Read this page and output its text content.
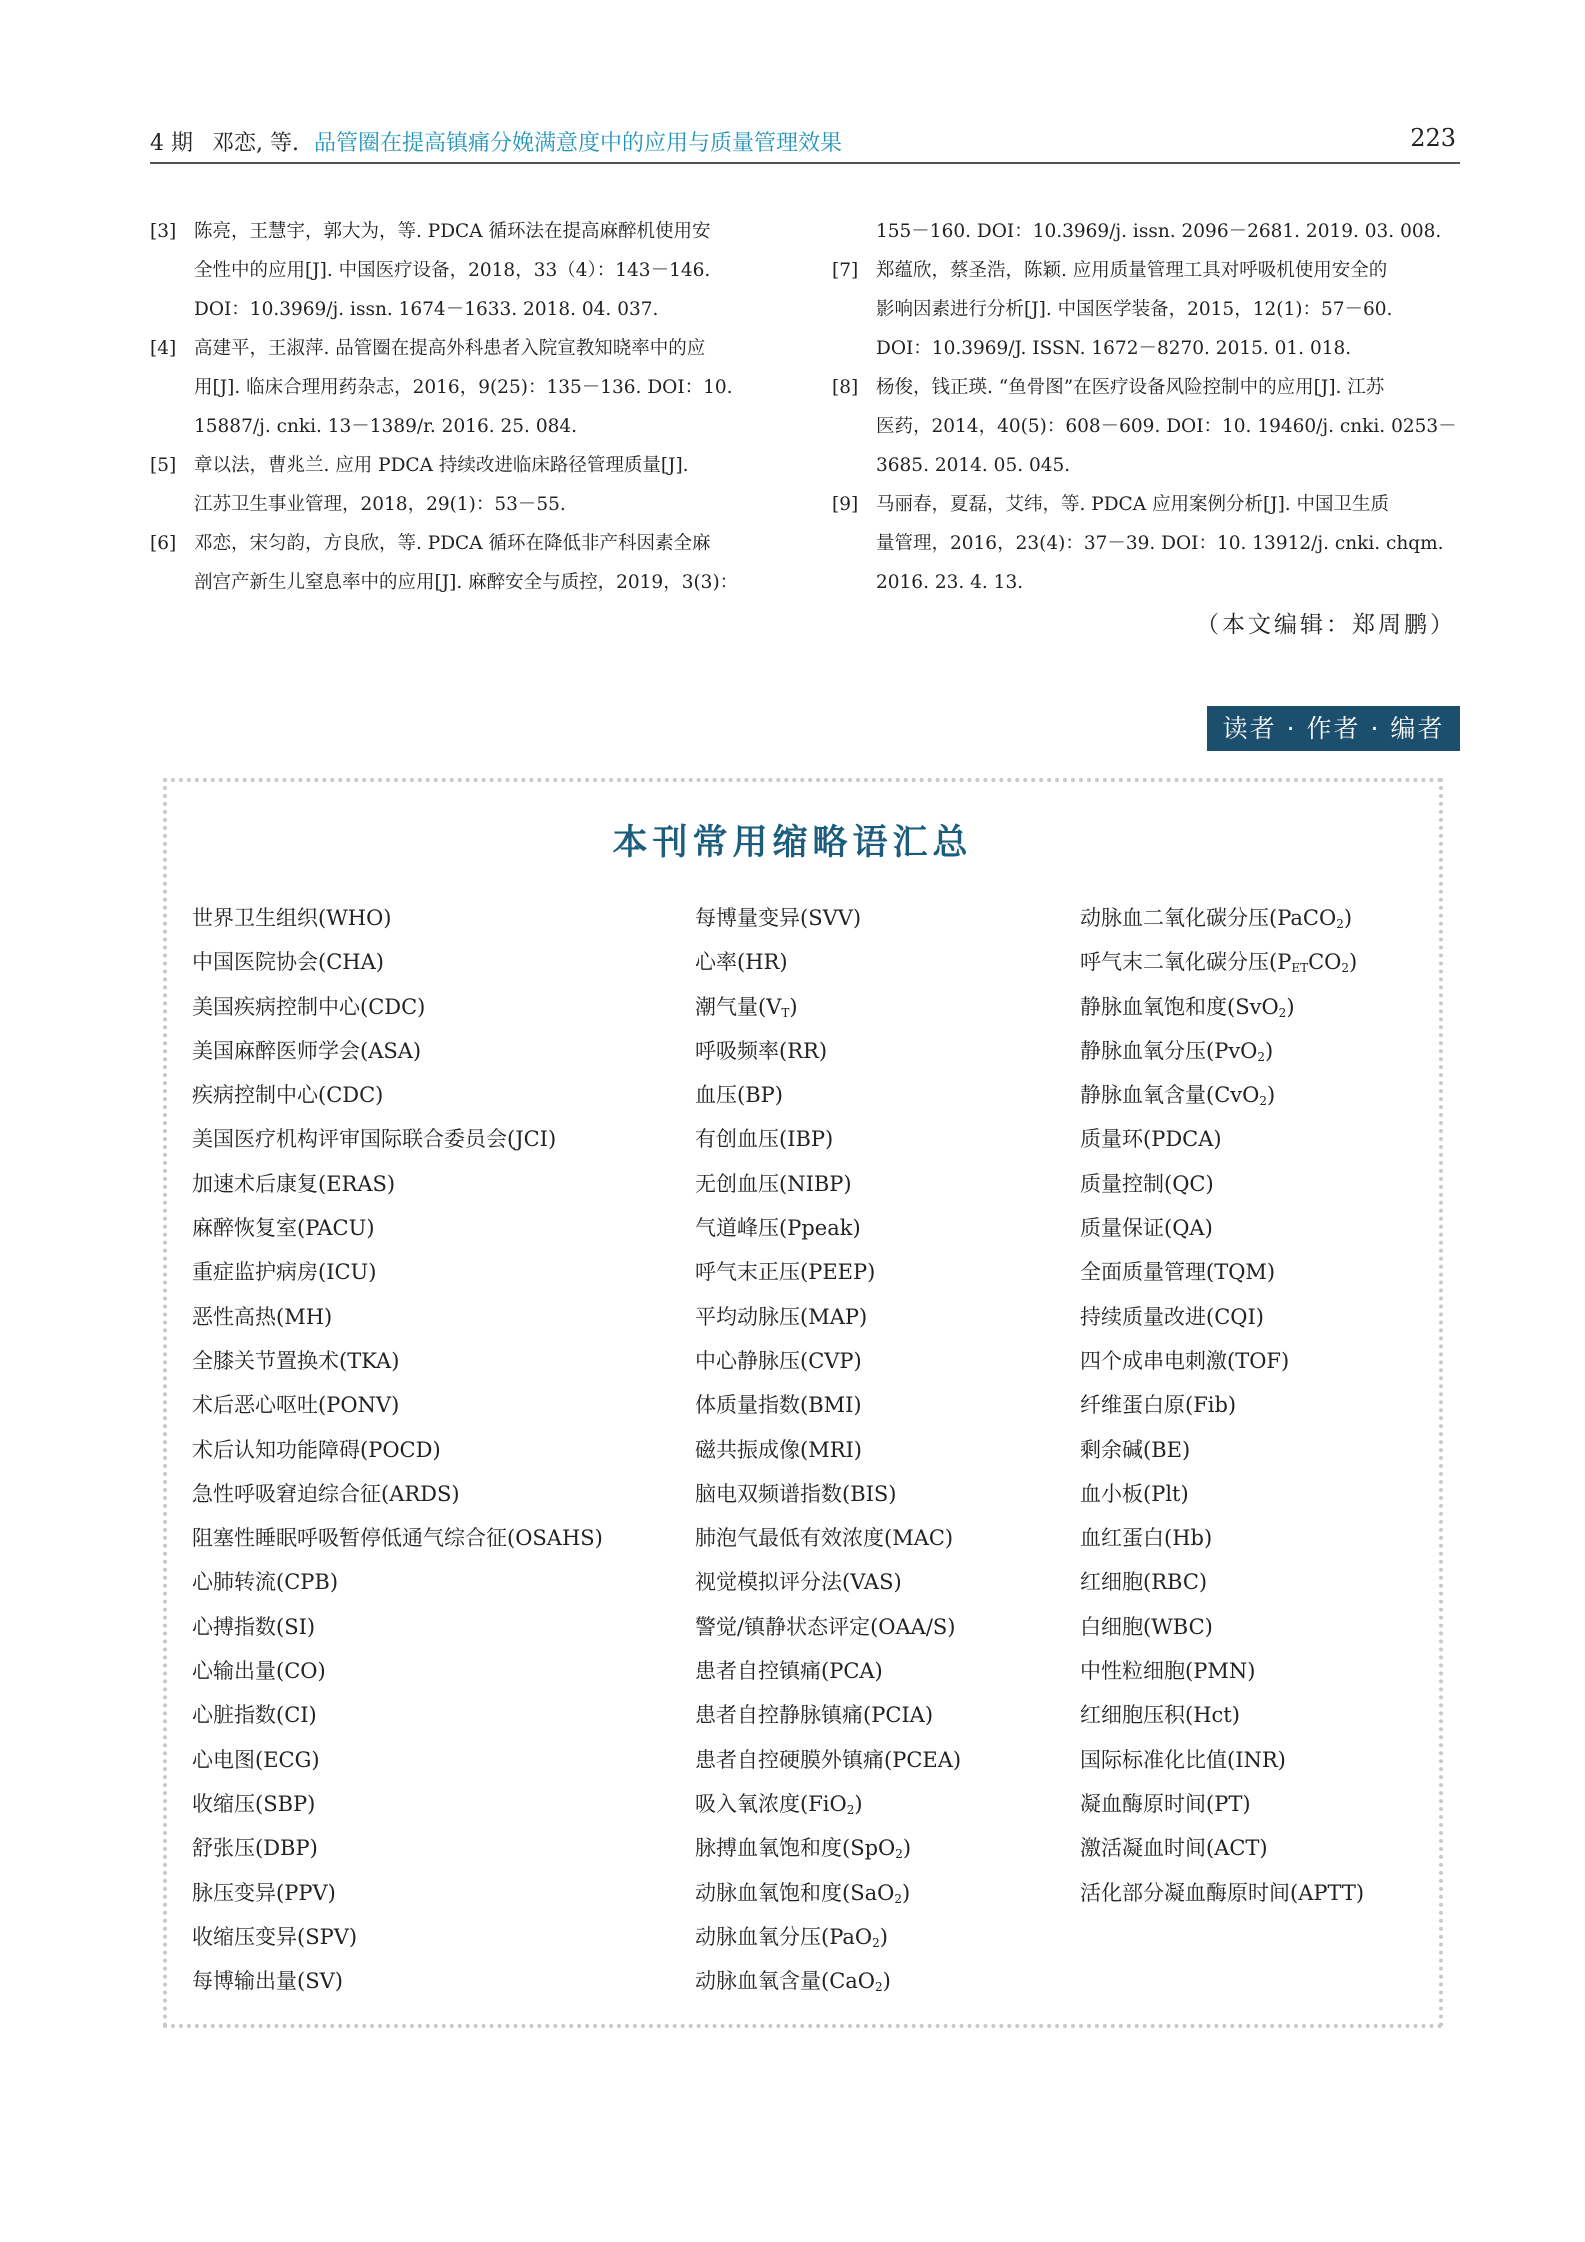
4 期 邓恋, 等. 品管圈在提高镇痛分娩满意度中的应用与质量管理效果	223
[3] 陈亮，王慧宇，郭大为，等. PDCA 循环法在提高麻醉机使用安
全性中的应用[J]. 中国医疗设备，2018，33（4）：143－146.
DOI：10.3969/j. issn. 1674－1633. 2018. 04. 037.
[4] 高建平，王淑萍. 品管圈在提高外科患者入院宣教知晓率中的应
用[J]. 临床合理用药杂志，2016，9(25)：135－136. DOI：10.
15887/j. cnki. 13－1389/r. 2016. 25. 084.
[5] 章以法，曹兆兰. 应用 PDCA 持续改进临床路径管理质量[J].
江苏卫生事业管理，2018，29(1)：53－55.
[6] 邓恋，宋匀韵，方良欣，等. PDCA 循环在降低非产科因素全麻
剖宫产新生儿窒息率中的应用[J]. 麻醉安全与质控，2019，3(3)：
155－160. DOI：10.3969/j. issn. 2096－2681. 2019. 03. 008.
[7] 郑蕴欣，蔡圣浩，陈颖. 应用质量管理工具对呼吸机使用安全的
影响因素进行分析[J]. 中国医学装备，2015，12(1)：57－60.
DOI：10.3969/J. ISSN. 1672－8270. 2015. 01. 018.
[8] 杨俊，钱正瑛. “鱼骨图”在医疗设备风险控制中的应用[J]. 江苏
医药，2014，40(5)：608－609. DOI：10. 19460/j. cnki. 0253－
3685. 2014. 05. 045.
[9] 马丽春，夏磊，艾纬，等. PDCA 应用案例分析[J]. 中国卫生质
量管理，2016，23(4)：37－39. DOI：10. 13912/j. cnki. chqm.
2016. 23. 4. 13.
（本文编辑：郑周鹏）
读者 · 作者 · 编者
本刊常用缩略语汇总
世界卫生组织(WHO)
中国医院协会(CHA)
美国疾病控制中心(CDC)
美国麻醉医师学会(ASA)
疾病控制中心(CDC)
美国医疗机构评审国际联合委员会(JCI)
加速术后康复(ERAS)
麻醉恢复室(PACU)
重症监护病房(ICU)
恶性高热(MH)
全膝关节置换术(TKA)
术后恶心呕吐(PONV)
术后认知功能障碍(POCD)
急性呼吸窘迫综合征(ARDS)
阻塞性睡眠呼吸暂停低通气综合征(OSAHS)
心肺转流(CPB)
心搏指数(SI)
心输出量(CO)
心脏指数(CI)
心电图(ECG)
收缩压(SBP)
舒张压(DBP)
脉压变异(PPV)
收缩压变异(SPV)
每博输出量(SV)
每博量变异(SVV)
心率(HR)
潮气量$(V_T)$
呼吸频率(RR)
血压(BP)
有创血压(IBP)
无创血压(NIBP)
气道峰压(Ppeak)
呼气末正压(PEEP)
平均动脉压(MAP)
中心静脉压(CVP)
体质量指数(BMI)
磁共振成像(MRI)
脑电双频谱指数(BIS)
肺泡气最低有效浓度(MAC)
视觉模拟评分法(VAS)
警觉/镇静状态评定(OAA/S)
患者自控镇痛(PCA)
患者自控静脉镇痛(PCIA)
患者自控硬膜外镇痛(PCEA)
吸入氧浓度(FiO$_2$)
脉搏血氧饱和度(SpO$_2$)
动脉血氧饱和度(SaO$_2$)
动脉血氧分压(PaO$_2$)
动脉血氧含量(CaO$_2$)
动脉血二氧化碳分压(PaCO$_2$)
呼气末二氧化碳分压$(P_{ET}CO_2)$
静脉血氧饱和度(SvO$_2$)
静脉血氧分压(PvO$_2$)
静脉血氧含量(CvO$_2$)
质量环(PDCA)
质量控制(QC)
质量保证(QA)
全面质量管理(TQM)
持续质量改进(CQI)
四个成串电刺激(TOF)
纤维蛋白原(Fib)
剩余碱(BE)
血小板(Plt)
血红蛋白(Hb)
红细胞(RBC)
白细胞(WBC)
中性粒细胞(PMN)
红细胞压积(Hct)
国际标准化比值(INR)
凝血酶原时间(PT)
激活凝血时间(ACT)
活化部分凝血酶原时间(APTT)
